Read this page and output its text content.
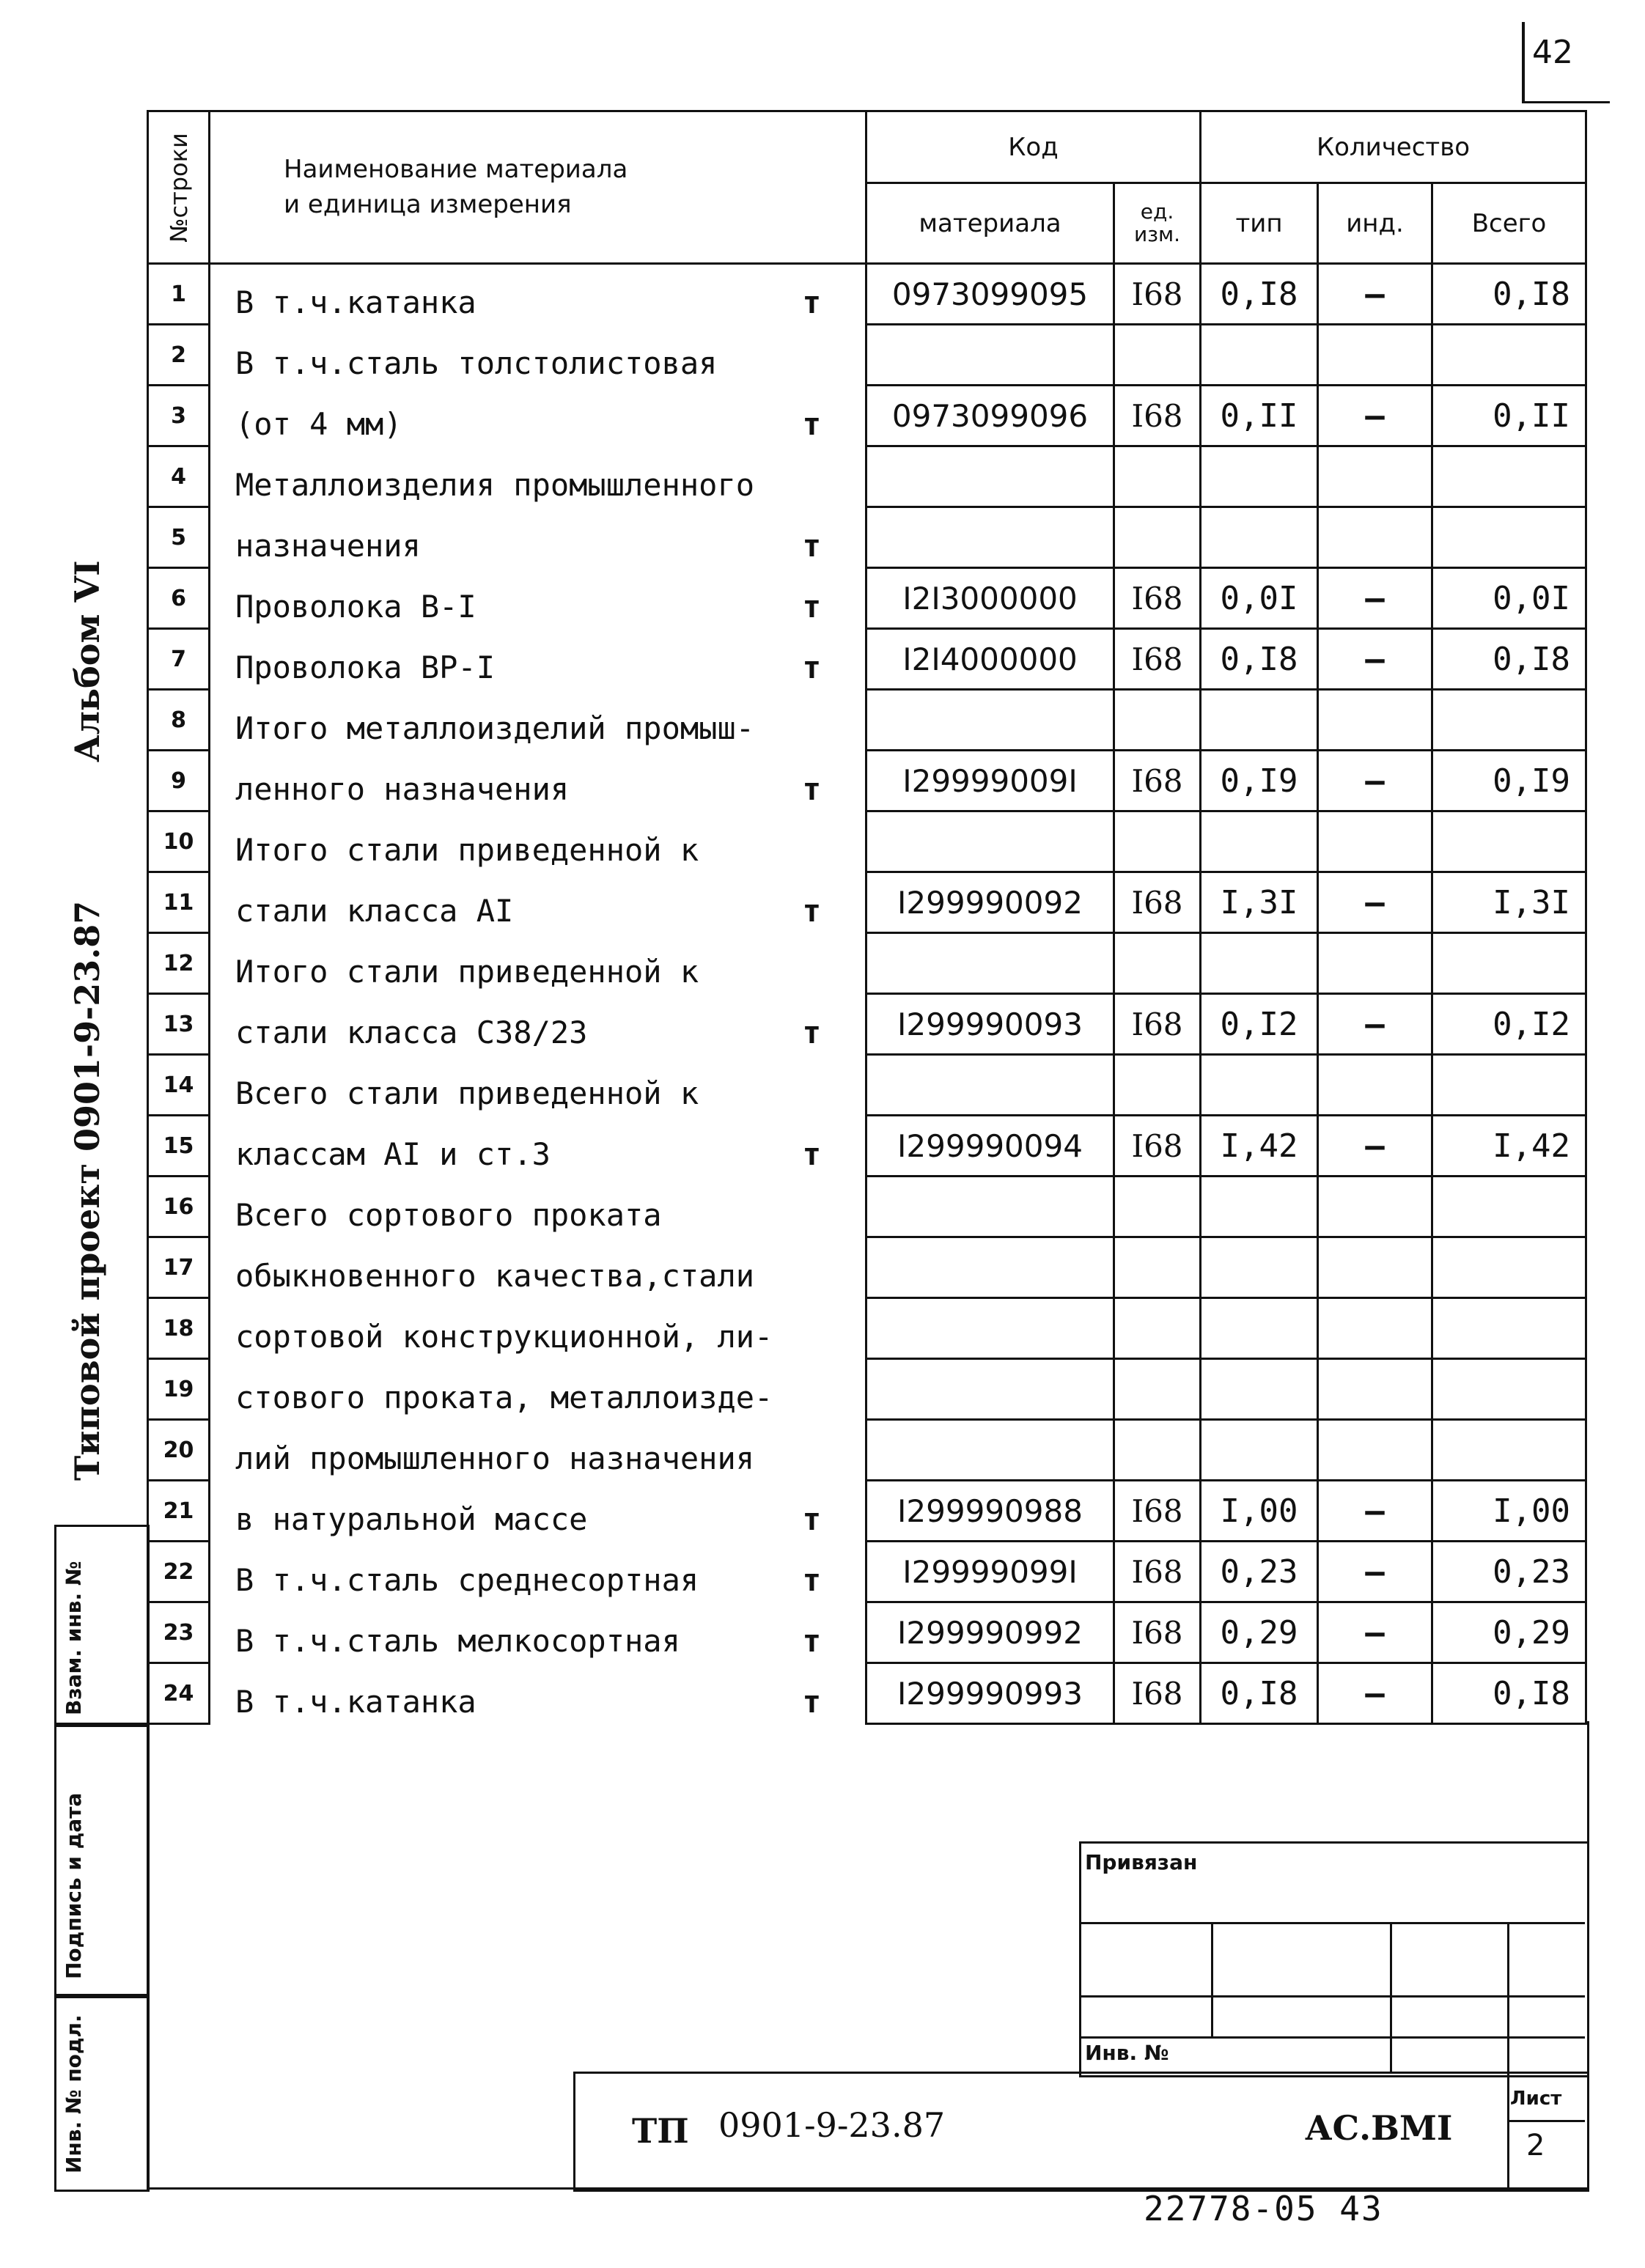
42
Альбом VI
Типовой проект 0901-9-23.87
№строки	Наименование материала
и единица измерения	Код		Количество		
		материала	ед. изм.	тип	инд.	Всего
1	В т.ч.катанка т	0973099095	I68	0,I8	–	0,I8
2	В т.ч.сталь толстолистовая					

3	(от 4 мм) т	0973099096	I68	0,II	–	0,II
4	Металлоизделия промышленного					

5	назначения т					

6	Проволока В-I т	I2I3000000	I68	0,0I	–	0,0I
7	Проволока ВР-I т	I2I4000000	I68	0,I8	–	0,I8
8	Итого металлоизделий промыш-					

9	ленного назначения т	I29999009I	I68	0,I9	–	0,I9
10	Итого стали приведенной к					

11	стали класса АI т	I299990092	I68	I,3I	–	I,3I
12	Итого стали приведенной к					

13	стали класса С38/23 т	I299990093	I68	0,I2	–	0,I2
14	Всего стали приведенной к					

15	классам АI и ст.3 т	I299990094	I68	I,42	–	I,42
16	Всего сортового проката					

17	обыкновенного качества,стали					

18	сортовой конструкционной, ли-					

19	стового проката, металлоизде-					

20	лий промышленного назначения					

21	в натуральной массе т	I299990988	I68	I,00	–	I,00
22	В т.ч.сталь среднесортная т	I29999099I	I68	0,23	–	0,23
23	В т.ч.сталь мелкосортная т	I299990992	I68	0,29	–	0,29
24	В т.ч.катанка т	I299990993	I68	0,I8	–	0,I8
Взам. инв. №
Подпись и дата
Инв. № подл.
Привязан
Инв. №
ТП 0901-9-23.87	АС.ВМI
Лист
2
22778-05 43
